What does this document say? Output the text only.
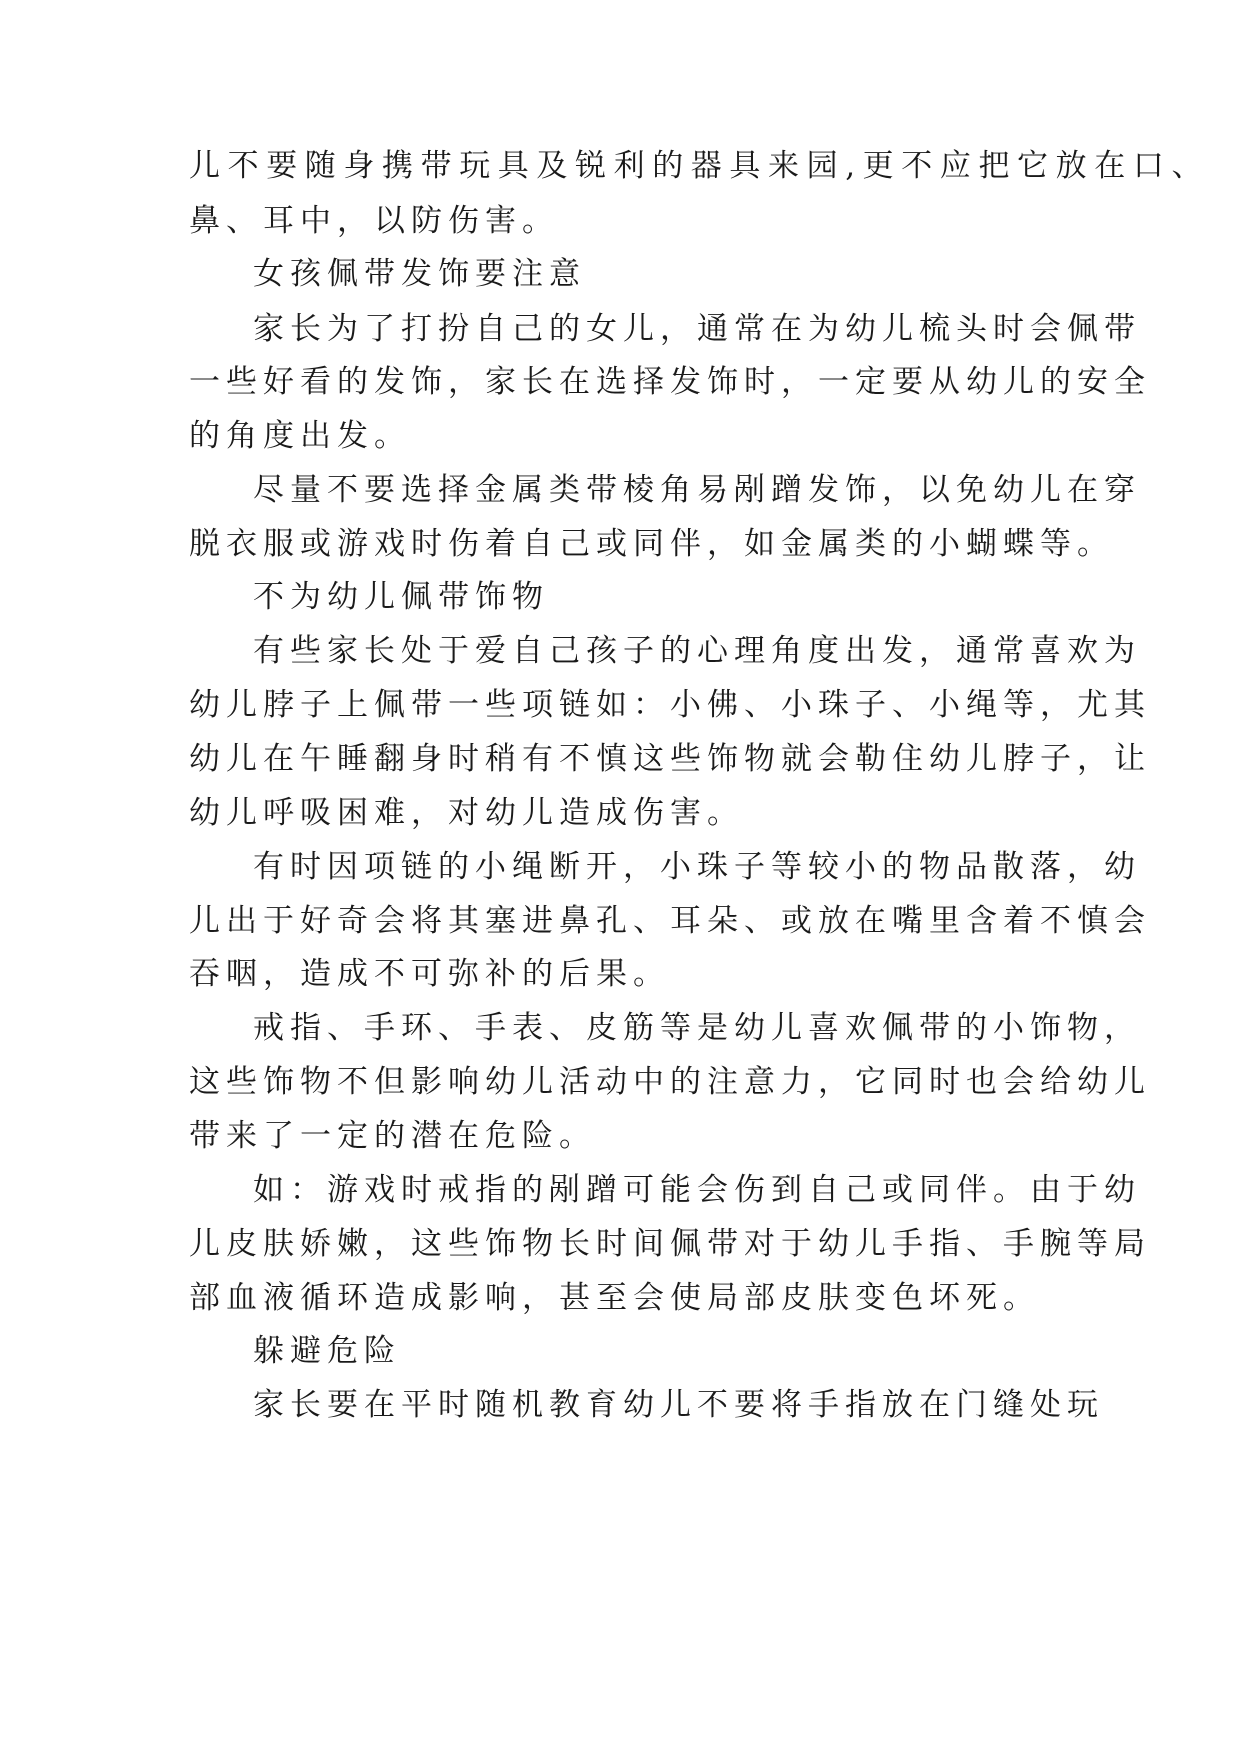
儿不要随身携带玩具及锐利的器具来园,更不应把它放在口、
鼻、耳中，以防伤害。
女孩佩带发饰要注意
家长为了打扮自己的女儿，通常在为幼儿梳头时会佩带
一些好看的发饰，家长在选择发饰时，一定要从幼儿的安全
的角度出发。
尽量不要选择金属类带棱角易剐蹭发饰，以免幼儿在穿
脱衣服或游戏时伤着自己或同伴，如金属类的小蝴蝶等。
不为幼儿佩带饰物
有些家长处于爱自己孩子的心理角度出发，通常喜欢为
幼儿脖子上佩带一些项链如：小佛、小珠子、小绳等，尤其
幼儿在午睡翻身时稍有不慎这些饰物就会勒住幼儿脖子，让
幼儿呼吸困难，对幼儿造成伤害。
有时因项链的小绳断开，小珠子等较小的物品散落，幼
儿出于好奇会将其塞进鼻孔、耳朵、或放在嘴里含着不慎会
吞咽，造成不可弥补的后果。
戒指、手环、手表、皮筋等是幼儿喜欢佩带的小饰物，
这些饰物不但影响幼儿活动中的注意力，它同时也会给幼儿
带来了一定的潜在危险。
如：游戏时戒指的剐蹭可能会伤到自己或同伴。由于幼
儿皮肤娇嫩，这些饰物长时间佩带对于幼儿手指、手腕等局
部血液循环造成影响，甚至会使局部皮肤变色坏死。
躲避危险
家长要在平时随机教育幼儿不要将手指放在门缝处玩
